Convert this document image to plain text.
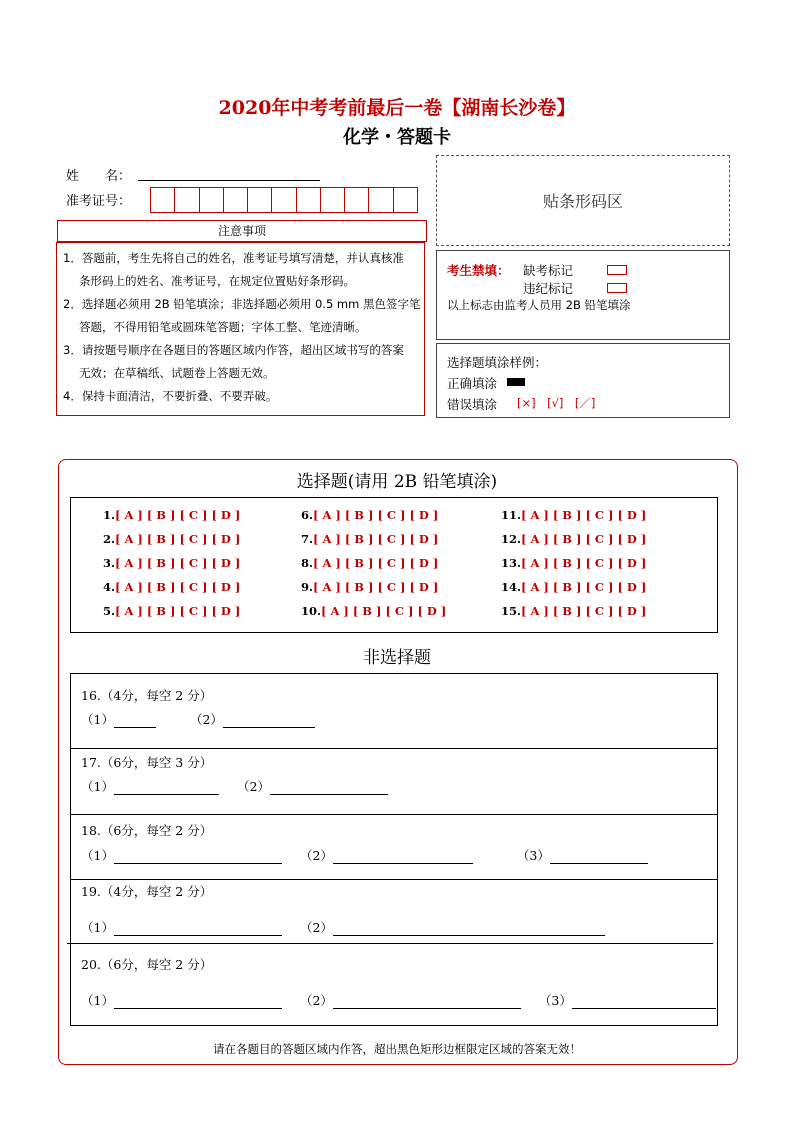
2020年中考考前最后一卷【湖南长沙卷】
化学・答题卡
姓　　名：
准考证号：	贴条形码区
注意事项

1．答题前，考生先将自己的姓名，准考证号填写清楚，并认真核准

条形码上的姓名、准考证号，在规定位置贴好条形码。

2．选择题必须用 2B 铅笔填涂；非选择题必须用 0.5 mm 黑色签字笔

答题，不得用铅笔或圆珠笔答题；字体工整、笔迹清晰。

3．请按题号顺序在各题目的答题区域内作答，超出区域书写的答案

无效；在草稿纸、试题卷上答题无效。

4．保持卡面清洁，不要折叠、不要弄破。

考生禁填： 缺考标记
违纪标记
以上标志由监考人员用 2B 铅笔填涂
选择题填涂样例：
正确填涂
错误填涂 [×]　[√]　[／]
选择题(请用 2B 铅笔填涂)
1.[ A ] [ B ] [ C ] [ D ]
2.[ A ] [ B ] [ C ] [ D ]
3.[ A ] [ B ] [ C ] [ D ]
4.[ A ] [ B ] [ C ] [ D ]
5.[ A ] [ B ] [ C ] [ D ]
6.[ A ] [ B ] [ C ] [ D ]
7.[ A ] [ B ] [ C ] [ D ]
8.[ A ] [ B ] [ C ] [ D ]
9.[ A ] [ B ] [ C ] [ D ]
10.[ A ] [ B ] [ C ] [ D ]
11.[ A ] [ B ] [ C ] [ D ]
12.[ A ] [ B ] [ C ] [ D ]
13.[ A ] [ B ] [ C ] [ D ]
14.[ A ] [ B ] [ C ] [ D ]
15.[ A ] [ B ] [ C ] [ D ]
非选择题
16.（4分，每空 2 分）
（1）	（2）
17.（6分，每空 3 分）
（1）	（2）
18.（6分，每空 2 分）
（1）	（2）	（3）
19.（4分，每空 2 分）
（1）	（2）
20.（6分，每空 2 分）
（1）	（2）	（3）
请在各题目的答题区域内作答，超出黑色矩形边框限定区域的答案无效！
